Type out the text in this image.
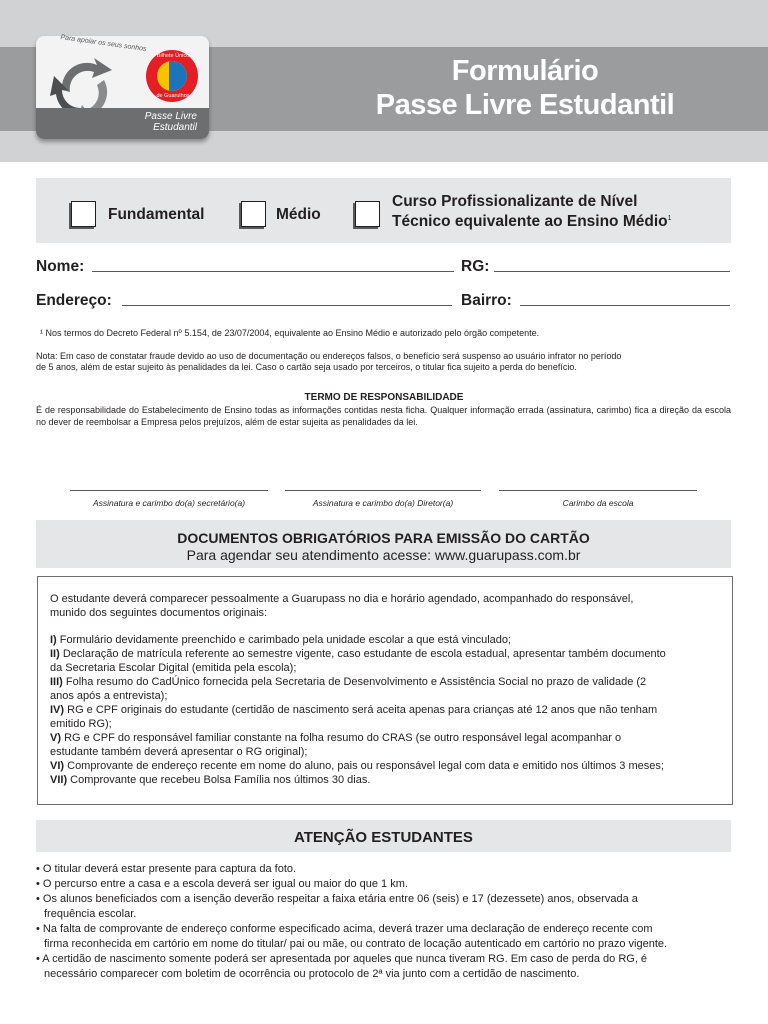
Formulário
Passe Livre Estudantil
Para apoiar os seus sonhos
Bilhete Único
de Guarulhos
Passe Livre
Estudantil
Fundamental	Médio
Curso Profissionalizante de Nível
Técnico equivalente ao Ensino Médio$^1$
Nome:	RG:
Endereço:	Bairro:
¹ Nos termos do Decreto Federal nº 5.154, de 23/07/2004, equivalente ao Ensino Médio e autorizado pelo órgão competente.
Nota: Em caso de constatar fraude devido ao uso de documentação ou endereços falsos, o benefício será suspenso ao usuário infrator no período
de 5 anos, além de estar sujeito às penalidades da lei. Caso o cartão seja usado por terceiros, o titular fica sujeito a perda do benefício.
TERMO DE RESPONSABILIDADE
É de responsabilidade do Estabelecimento de Ensino todas as informações contidas nesta ficha. Qualquer informação errada (assinatura, carimbo) fica a direção da escola no dever de reembolsar a Empresa pelos prejuízos, além de estar sujeita as penalidades da lei.
Assinatura e carimbo do(a) secretário(a)	Assinatura e carimbo do(a) Diretor(a)	Carimbo da escola
DOCUMENTOS OBRIGATÓRIOS PARA EMISSÃO DO CARTÃO
Para agendar seu atendimento acesse: www.guarupass.com.br
O estudante deverá comparecer pessoalmente a Guarupass no dia e horário agendado, acompanhado do responsável,
munido dos seguintes documentos originais:
I) Formulário devidamente preenchido e carimbado pela unidade escolar a que está vinculado;
II) Declaração de matrícula referente ao semestre vigente, caso estudante de escola estadual, apresentar também documento
da Secretaria Escolar Digital (emitida pela escola);
III) Folha resumo do CadÚnico fornecida pela Secretaria de Desenvolvimento e Assistência Social no prazo de validade (2
anos após a entrevista);
IV) RG e CPF originais do estudante (certidão de nascimento será aceita apenas para crianças até 12 anos que não tenham
emitido RG);
V) RG e CPF do responsável familiar constante na folha resumo do CRAS (se outro responsável legal acompanhar o
estudante também deverá apresentar o RG original);
VI) Comprovante de endereço recente em nome do aluno, pais ou responsável legal com data e emitido nos últimos 3 meses;
VII) Comprovante que recebeu Bolsa Família nos últimos 30 dias.
ATENÇÃO ESTUDANTES
• O titular deverá estar presente para captura da foto.
• O percurso entre a casa e a escola deverá ser igual ou maior do que 1 km.
• Os alunos beneficiados com a isenção deverão respeitar a faixa etária entre 06 (seis) e 17 (dezessete) anos, observada a
frequência escolar.
• Na falta de comprovante de endereço conforme especificado acima, deverá trazer uma declaração de endereço recente com
firma reconhecida em cartório em nome do titular/ pai ou mãe, ou contrato de locação autenticado em cartório no prazo vigente.
• A certidão de nascimento somente poderá ser apresentada por aqueles que nunca tiveram RG. Em caso de perda do RG, é
necessário comparecer com boletim de ocorrência ou protocolo de 2ª via junto com a certidão de nascimento.
